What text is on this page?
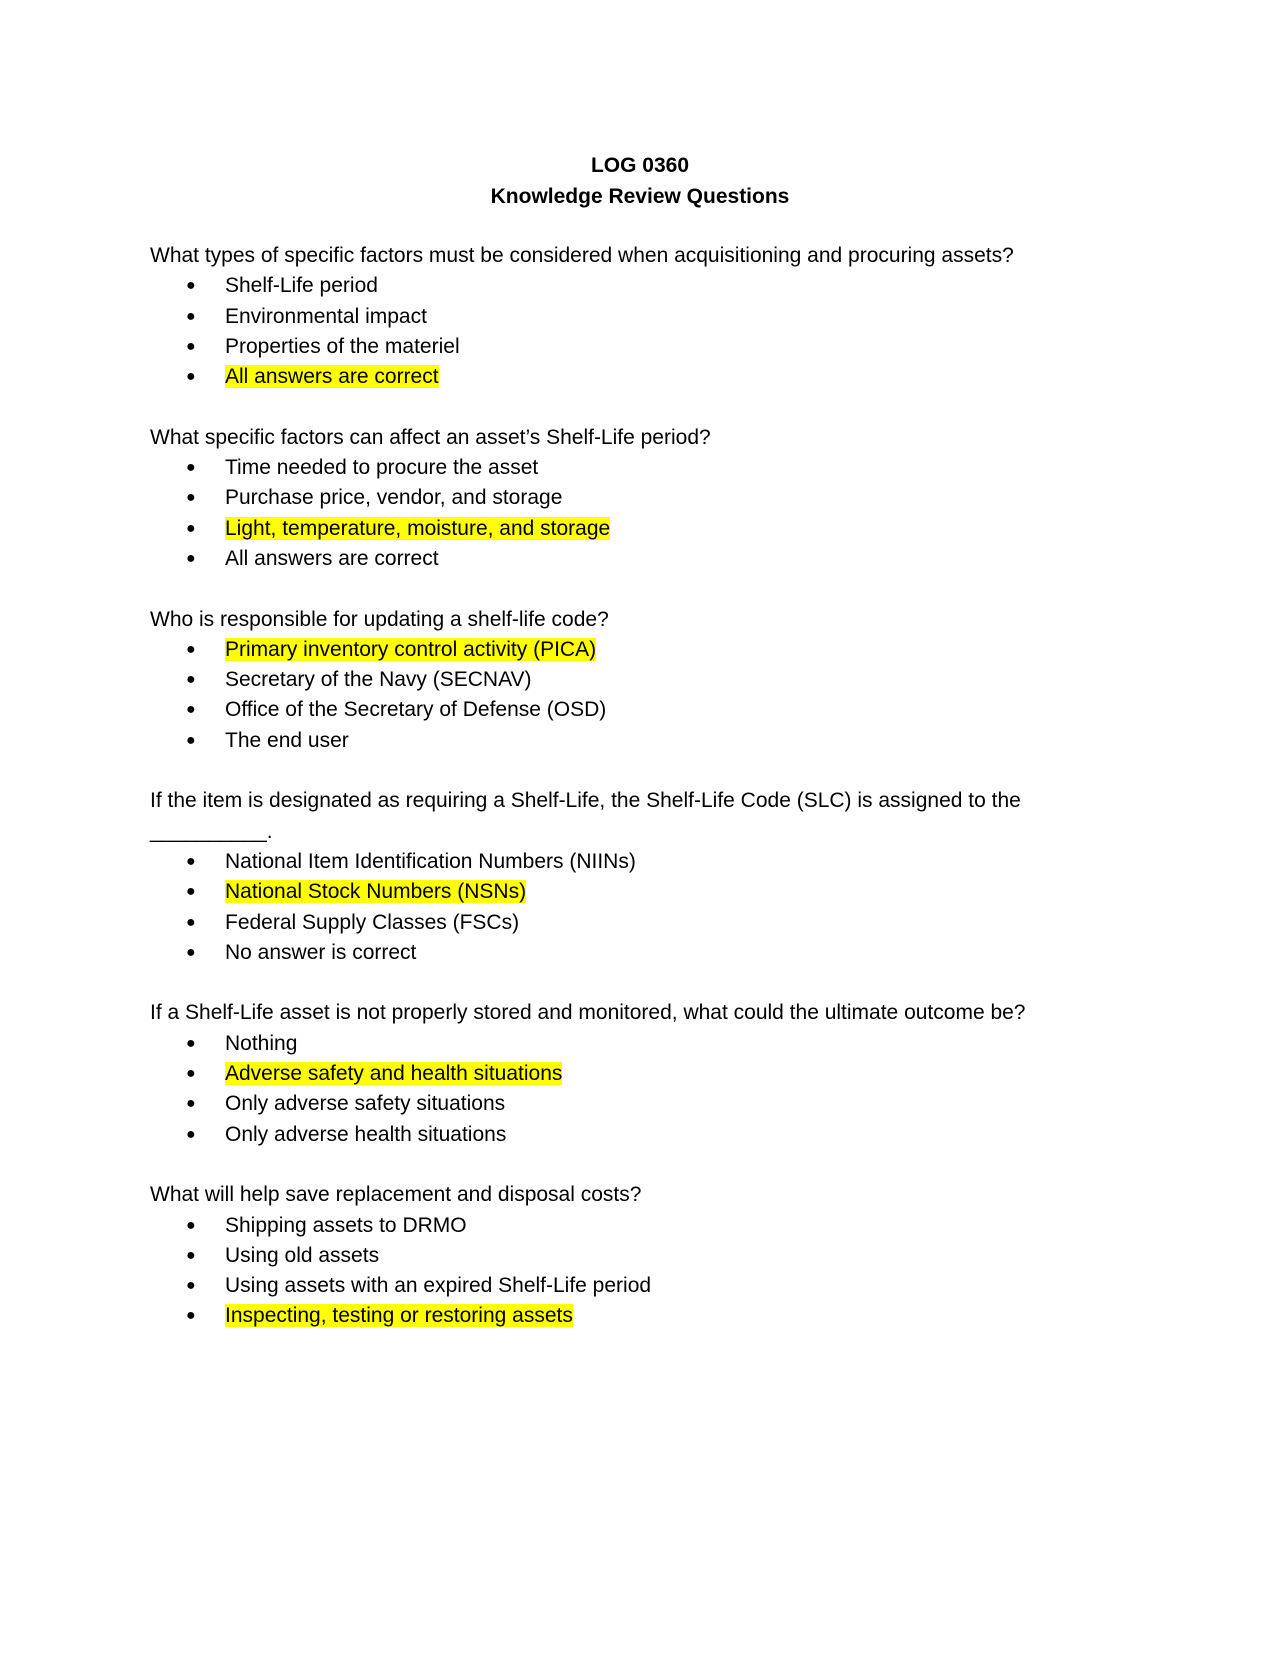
LOG 0360
Knowledge Review Questions

What types of specific factors must be considered when acquisitioning and procuring assets?

● Shelf-Life period
● Environmental impact
● Properties of the materiel
● All answers are correct

What specific factors can affect an asset’s Shelf-Life period?

● Time needed to procure the asset
● Purchase price, vendor, and storage
● Light, temperature, moisture, and storage
● All answers are correct

Who is responsible for updating a shelf-life code?

● Primary inventory control activity (PICA)
● Secretary of the Navy (SECNAV)
● Office of the Secretary of Defense (OSD)
● The end user

If the item is designated as requiring a Shelf-Life, the Shelf-Life Code (SLC) is assigned to the __________.

● National Item Identification Numbers (NIINs)
● National Stock Numbers (NSNs)
● Federal Supply Classes (FSCs)
● No answer is correct

If a Shelf-Life asset is not properly stored and monitored, what could the ultimate outcome be?

● Nothing
● Adverse safety and health situations
● Only adverse safety situations
● Only adverse health situations

What will help save replacement and disposal costs?

● Shipping assets to DRMO
● Using old assets
● Using assets with an expired Shelf-Life period
● Inspecting, testing or restoring assets
